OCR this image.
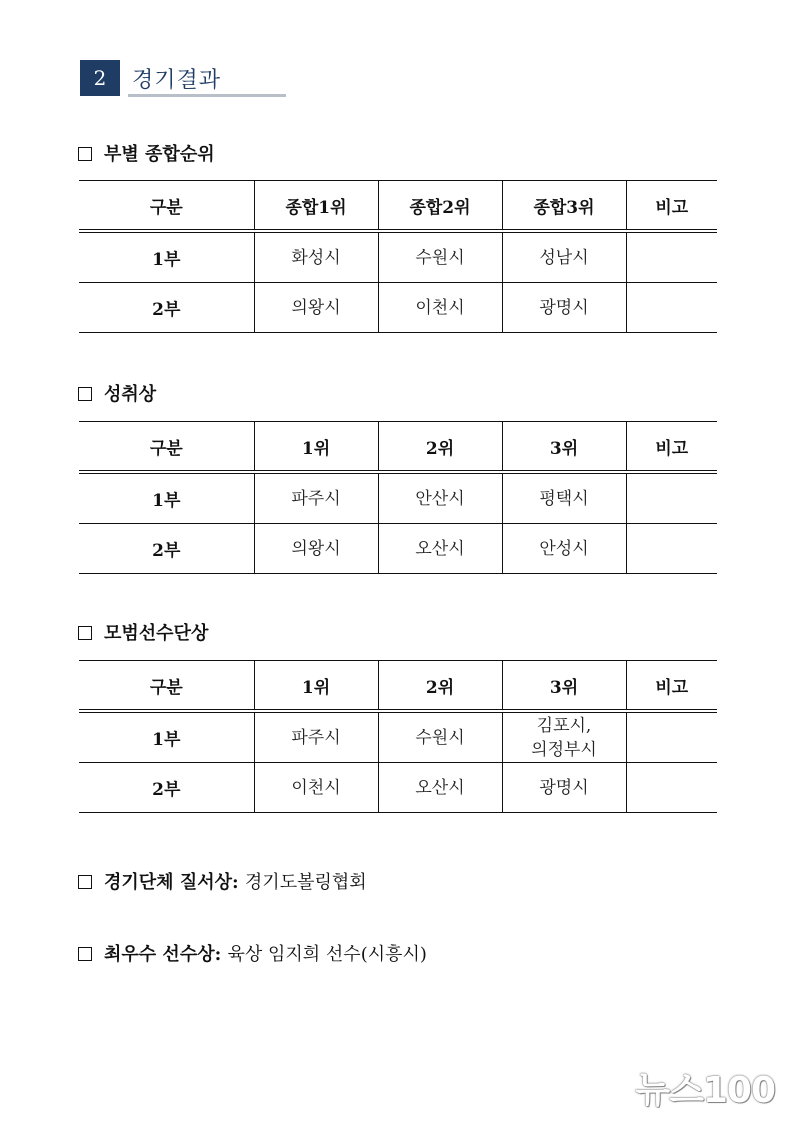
2	경기결과
부별 종합순위
구분	종합1위	종합2위	종합3위	비고
1부	화성시	수원시	성남시	
2부	의왕시	이천시	광명시	
성취상
구분	1위	2위	3위	비고
1부	파주시	안산시	평택시	
2부	의왕시	오산시	안성시	
모범선수단상
구분	1위	2위	3위	비고
1부	파주시	수원시	김포시,
의정부시	
2부	이천시	오산시	광명시	
경기단체 질서상: 경기도볼링협회
최우수 선수상: 육상 임지희 선수(시흥시)
뉴스100
